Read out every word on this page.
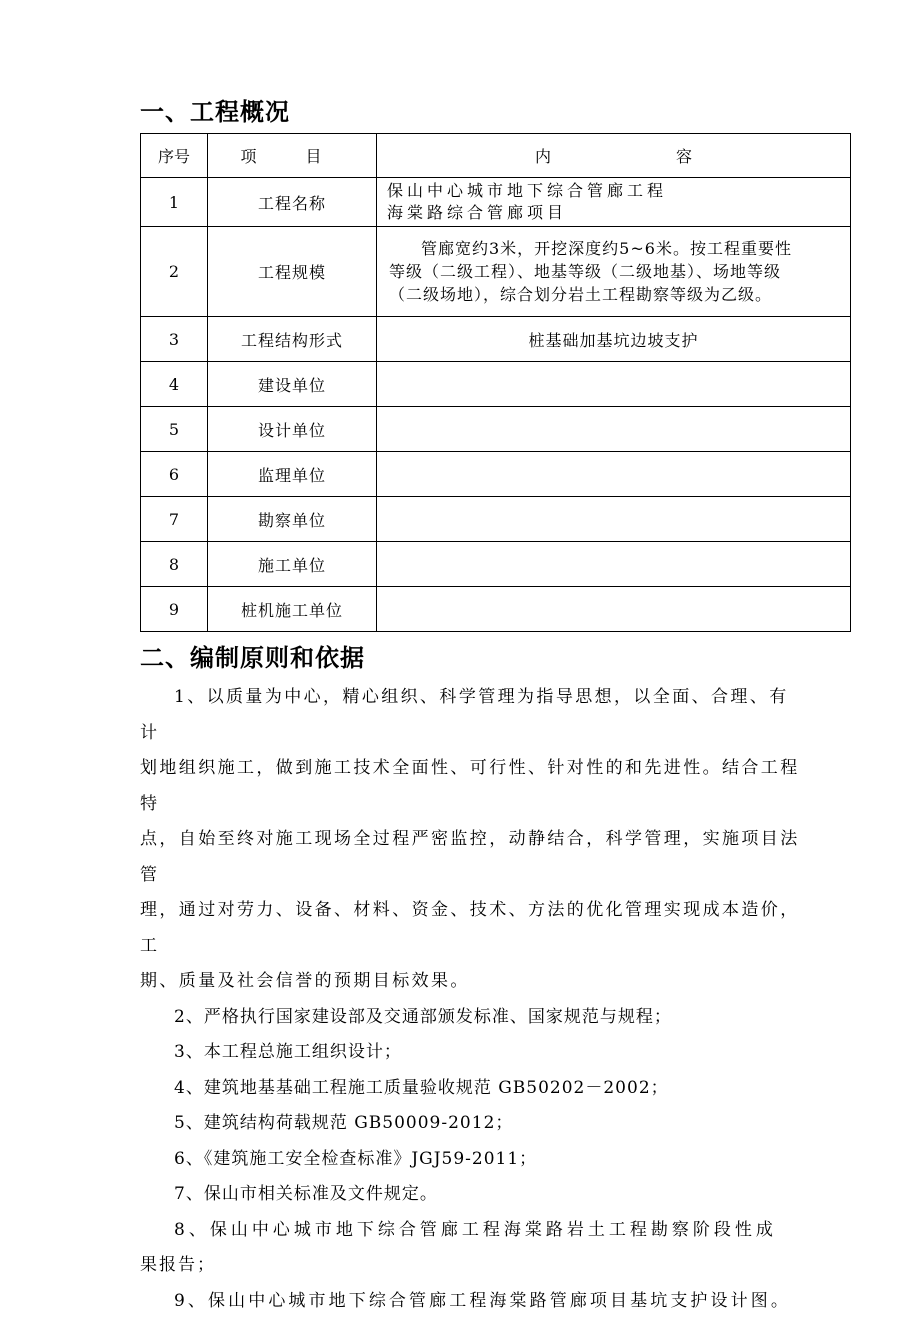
一、工程概况
序号	项 目	内 容
1	工程名称	保山中心城市地下综合管廊工程
海棠路综合管廊项目

2	工程规模	管廊宽约3米，开挖深度约5~6米。按工程重要性
等级（二级工程）、地基等级（二级地基）、场地等级
（二级场地），综合划分岩土工程勘察等级为乙级。

3	工程结构形式	桩基础加基坑边坡支护
4	建设单位	
5	设计单位	
6	监理单位	
7	勘察单位	
8	施工单位	
9	桩机施工单位	
二、编制原则和依据

1、以质量为中心，精心组织、科学管理为指导思想，以全面、合理、有计

划地组织施工，做到施工技术全面性、可行性、针对性的和先进性。结合工程特

点，自始至终对施工现场全过程严密监控，动静结合，科学管理，实施项目法管

理，通过对劳力、设备、材料、资金、技术、方法的优化管理实现成本造价，工

期、质量及社会信誉的预期目标效果。

2、严格执行国家建设部及交通部颁发标准、国家规范与规程；

3、本工程总施工组织设计；

4、建筑地基基础工程施工质量验收规范 GB50202－2002；

5、建筑结构荷载规范 GB50009-2012；

6、《建筑施工安全检查标准》JGJ59-2011；

7、保山市相关标准及文件规定。

8、保山中心城市地下综合管廊工程海棠路岩土工程勘察阶段性成

果报告；

9、保山中心城市地下综合管廊工程海棠路管廊项目基坑支护设计图。
